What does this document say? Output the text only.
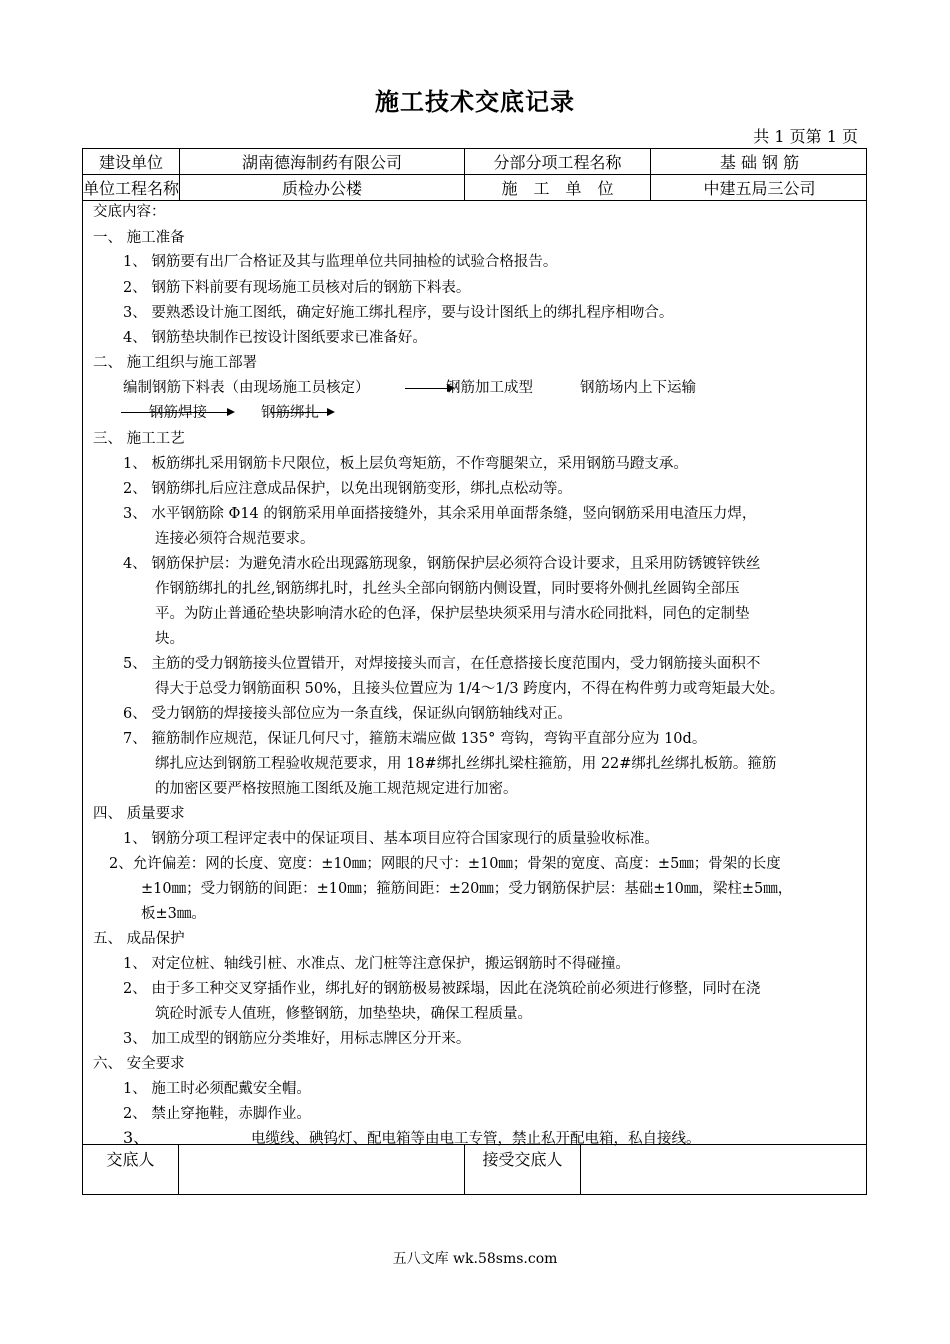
施工技术交底记录
共 1 页第 1 页
建设单位	湖南德海制药有限公司	分部分项工程名称	基 础 钢 筋
单位工程名称	质检办公楼	施　工　单　位	中建五局三公司
交底内容：
一、 施工准备
1、 钢筋要有出厂合格证及其与监理单位共同抽检的试验合格报告。
2、 钢筋下料前要有现场施工员核对后的钢筋下料表。
3、 要熟悉设计施工图纸，确定好施工绑扎程序，要与设计图纸上的绑扎程序相吻合。
4、 钢筋垫块制作已按设计图纸要求已准备好。
二、 施工组织与施工部署
编制钢筋下料表（由现场施工员核定）	钢筋加工成型	钢筋场内上下运输
钢筋焊接	钢筋绑扎
三、 施工工艺
1、 板筋绑扎采用钢筋卡尺限位，板上层负弯矩筋，不作弯腿架立，采用钢筋马蹬支承。
2、 钢筋绑扎后应注意成品保护，以免出现钢筋变形，绑扎点松动等。
3、 水平钢筋除 Φ14 的钢筋采用单面搭接缝外，其余采用单面帮条缝，竖向钢筋采用电渣压力焊，
连接必须符合规范要求。
4、 钢筋保护层：为避免清水砼出现露筋现象，钢筋保护层必须符合设计要求，且采用防锈镀锌铁丝
作钢筋绑扎的扎丝,钢筋绑扎时，扎丝头全部向钢筋内侧设置，同时要将外侧扎丝圆钩全部压
平。为防止普通砼垫块影响清水砼的色泽，保护层垫块须采用与清水砼同批料，同色的定制垫
块。
5、 主筋的受力钢筋接头位置错开，对焊接接头而言，在任意搭接长度范围内，受力钢筋接头面积不
得大于总受力钢筋面积 50%，且接头位置应为 1/4～1/3 跨度内，不得在构件剪力或弯矩最大处。
6、 受力钢筋的焊接接头部位应为一条直线，保证纵向钢筋轴线对正。
7、 箍筋制作应规范，保证几何尺寸，箍筋末端应做 135° 弯钩，弯钩平直部分应为 10d。
绑扎应达到钢筋工程验收规范要求，用 18#绑扎丝绑扎梁柱箍筋，用 22#绑扎丝绑扎板筋。箍筋
的加密区要严格按照施工图纸及施工规范规定进行加密。
四、 质量要求
1、 钢筋分项工程评定表中的保证项目、基本项目应符合国家现行的质量验收标准。
2、允许偏差：网的长度、宽度：±10㎜；网眼的尺寸：±10㎜；骨架的宽度、高度：±5㎜；骨架的长度
±10㎜；受力钢筋的间距：±10㎜；箍筋间距：±20㎜；受力钢筋保护层：基础±10㎜，梁柱±5㎜，
板±3㎜。
五、 成品保护
1、 对定位桩、轴线引桩、水准点、龙门桩等注意保护，搬运钢筋时不得碰撞。
2、 由于多工种交叉穿插作业，绑扎好的钢筋极易被踩塌，因此在浇筑砼前必须进行修整，同时在浇
筑砼时派专人值班，修整钢筋，加垫垫块，确保工程质量。
3、 加工成型的钢筋应分类堆好，用标志牌区分开来。
六、 安全要求
1、 施工时必须配戴安全帽。
2、 禁止穿拖鞋，赤脚作业。
3、	电缆线、碘钨灯、配电箱等由电工专管，禁止私开配电箱，私自接线。
交底人	接受交底人
五八文库 wk.58sms.com
